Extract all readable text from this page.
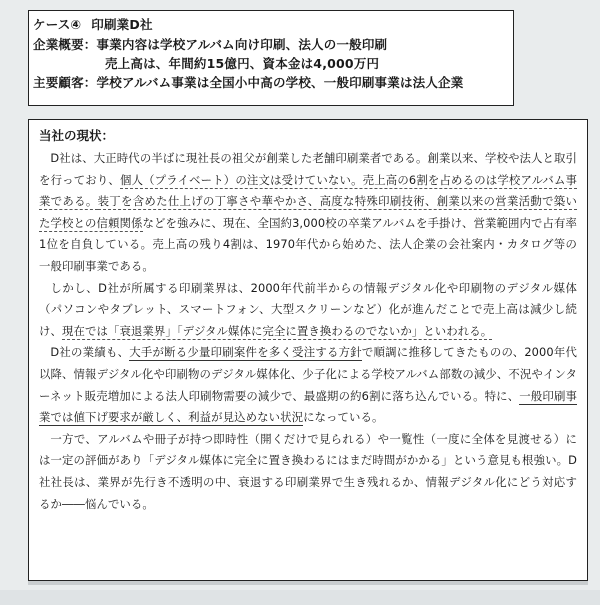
ケース④ 印刷業D社
企業概要：事業内容は学校アルバム向け印刷、法人の一般印刷
売上高は、年間約15億円、資本金は4,000万円
主要顧客：学校アルバム事業は全国小中高の学校、一般印刷事業は法人企業
当社の現状：

D社は、大正時代の半ばに現社長の祖父が創業した老舗印刷業者である。創業以来、学校や法人と取引を行っており、個人（プライベート）の注文は受けていない。売上高の6割を占めるのは学校アルバム事業である。装丁を含めた仕上げの丁寧さや華やかさ、高度な特殊印刷技術、創業以来の営業活動で築いた学校との信頼関係などを強みに、現在、全国約3,000校の卒業アルバムを手掛け、営業範囲内で占有率1位を自負している。売上高の残り4割は、1970年代から始めた、法人企業の会社案内・カタログ等の一般印刷事業である。

しかし、D社が所属する印刷業界は、2000年代前半からの情報デジタル化や印刷物のデジタル媒体（パソコンやタブレット、スマートフォン、大型スクリーンなど）化が進んだことで売上高は減少し続け、現在では「衰退業界」「デジタル媒体に完全に置き換わるのでないか」といわれる。

D社の業績も、大手が断る少量印刷案件を多く受注する方針で順調に推移してきたものの、2000年代以降、情報デジタル化や印刷物のデジタル媒体化、少子化による学校アルバム部数の減少、不況やインターネット販売増加による法人印刷物需要の減少で、最盛期の約6割に落ち込んでいる。特に、一般印刷事業では値下げ要求が厳しく、利益が見込めない状況になっている。

一方で、アルバムや冊子が持つ即時性（開くだけで見られる）や一覧性（一度に全体を見渡せる）には一定の評価があり「デジタル媒体に完全に置き換わるにはまだ時間がかかる」という意見も根強い。D社社長は、業界が先行き不透明の中、衰退する印刷業界で生き残れるか、情報デジタル化にどう対応するか――悩んでいる。
